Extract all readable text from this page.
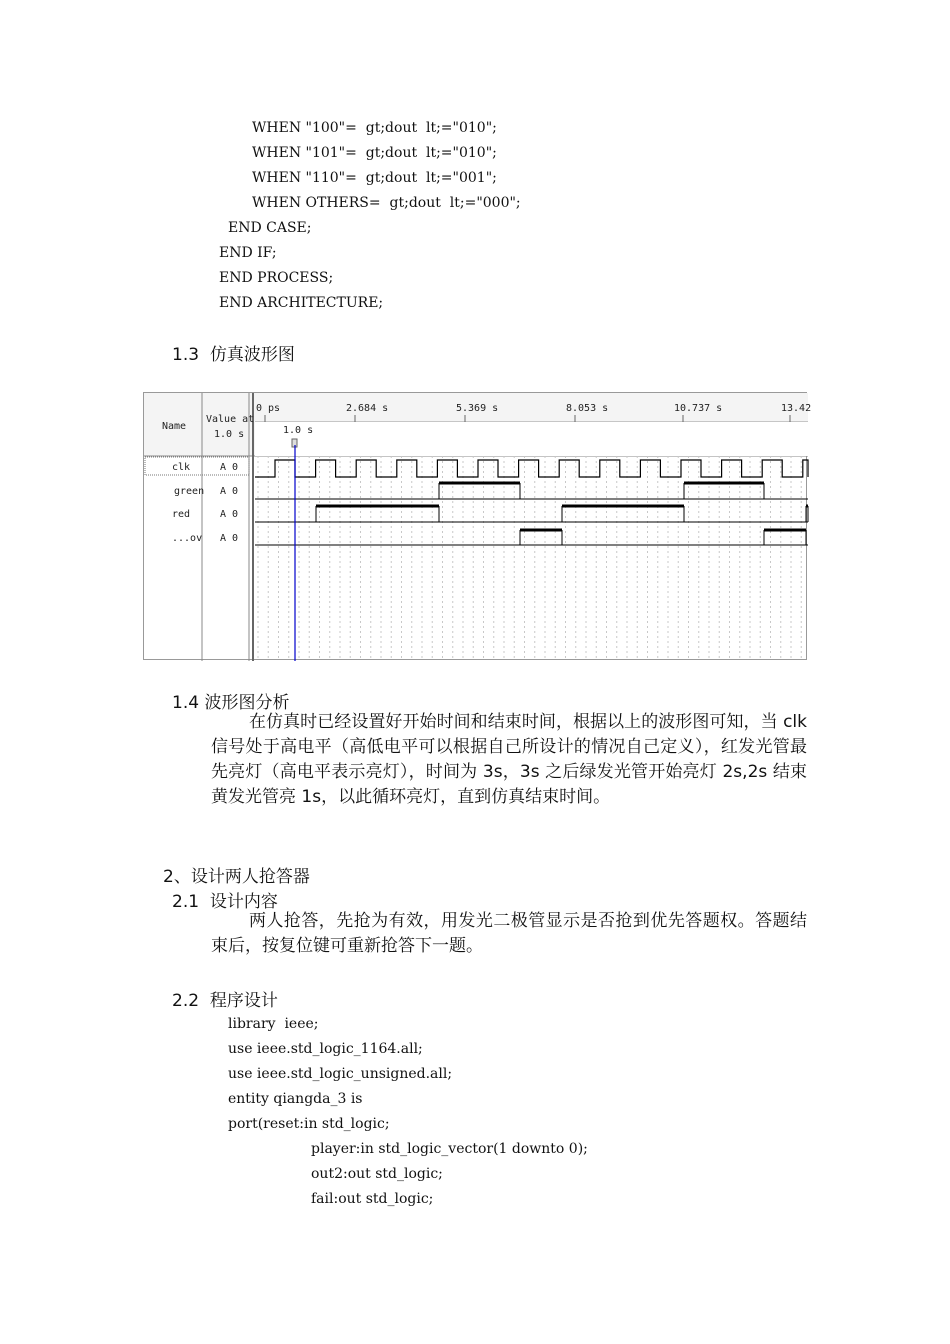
WHEN "100"=  gt;dout  lt;="010";
WHEN "101"=  gt;dout  lt;="010";
WHEN "110"=  gt;dout  lt;="001";
WHEN OTHERS=  gt;dout  lt;="000";
END CASE;
END IF;
END PROCESS;
END ARCHITECTURE;
1.3  仿真波形图
Name
Value at
1.0 s
0 ps	2.684 s	5.369 s	8.053 s	10.737 s	13.42
1.0 s
clk	A 0
green A 0
red	A 0
...ov A 0
1.4 波形图分析
在仿真时已经设置好开始时间和结束时间，根据以上的波形图可知，当 clk 信号处于高电平（高低电平可以根据自己所设计的情况自己定义），红发光管最先亮灯（高电平表示亮灯），时间为 3s，3s 之后绿发光管开始亮灯 2s,2s 结束黄发光管亮 1s，以此循环亮灯，直到仿真结束时间。
2、设计两人抢答器
2.1  设计内容
两人抢答，先抢为有效，用发光二极管显示是否抢到优先答题权。答题结束后，按复位键可重新抢答下一题。
2.2  程序设计
library  ieee;
use ieee.std_logic_1164.all;
use ieee.std_logic_unsigned.all;
entity qiangda_3 is
port(reset:in std_logic;
player:in std_logic_vector(1 downto 0);
out2:out std_logic;
fail:out std_logic;
